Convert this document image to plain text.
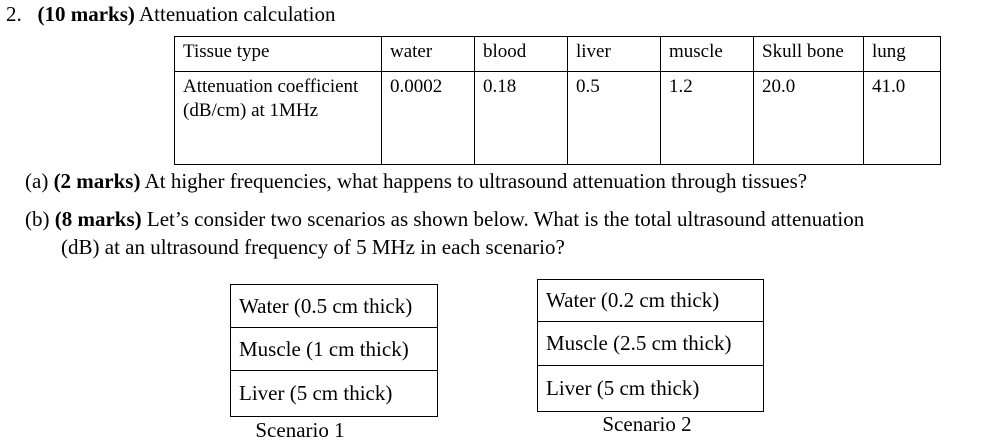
2. (10 marks) Attenuation calculation
Tissue type	water	blood	liver	muscle	Skull bone	lung
Attenuation coefficient
(dB/cm) at 1MHz	0.0002	0.18	0.5	1.2	20.0	41.0
(a) (2 marks) At higher frequencies, what happens to ultrasound attenuation through tissues?
(b) (8 marks) Let’s consider two scenarios as shown below. What is the total ultrasound attenuation
(dB) at an ultrasound frequency of 5 MHz in each scenario?
Water (0.5 cm thick)
Muscle (1 cm thick)
Liver (5 cm thick)
Scenario 1
Water (0.2 cm thick)
Muscle (2.5 cm thick)
Liver (5 cm thick)
Scenario 2
